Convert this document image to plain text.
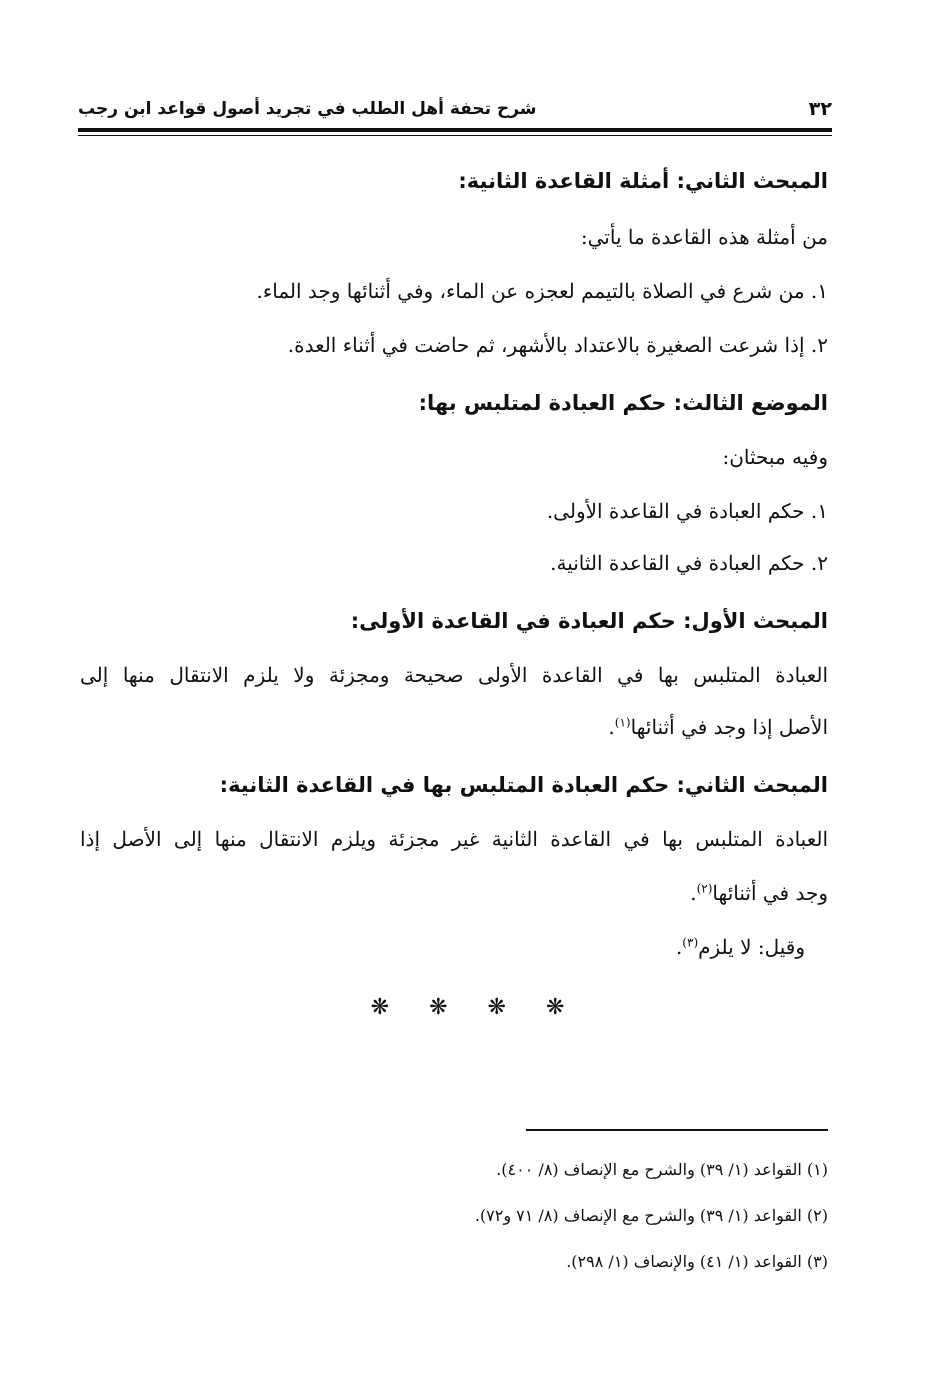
شرح تحفة أهل الطلب في تجريد أصول قواعد ابن رجب	٣٢
المبحث الثاني: أمثلة القاعدة الثانية:
من أمثلة هذه القاعدة ما يأتي:
١. من شرع في الصلاة بالتيمم لعجزه عن الماء، وفي أثنائها وجد الماء.
٢. إذا شرعت الصغيرة بالاعتداد بالأشهر، ثم حاضت في أثناء العدة.
الموضع الثالث: حكم العبادة لمتلبس بها:
وفيه مبحثان:
١. حكم العبادة في القاعدة الأولى.
٢. حكم العبادة في القاعدة الثانية.
المبحث الأول: حكم العبادة في القاعدة الأولى:
العبادة المتلبس بها في القاعدة الأولى صحيحة ومجزئة ولا يلزم الانتقال منها إلى
الأصل إذا وجد في أثنائها$^{(١)}$.
المبحث الثاني: حكم العبادة المتلبس بها في القاعدة الثانية:
العبادة المتلبس بها في القاعدة الثانية غير مجزئة ويلزم الانتقال منها إلى الأصل إذا
وجد في أثنائها$^{(٢)}$.
وقيل: لا يلزم$^{(٣)}$.
❋ ❋ ❋ ❋
(١) القواعد (١/ ٣٩) والشرح مع الإنصاف (٨/ ٤٠٠).
(٢) القواعد (١/ ٣٩) والشرح مع الإنصاف (٨/ ٧١ و٧٢).
(٣) القواعد (١/ ٤١) والإنصاف (١/ ٢٩٨).
